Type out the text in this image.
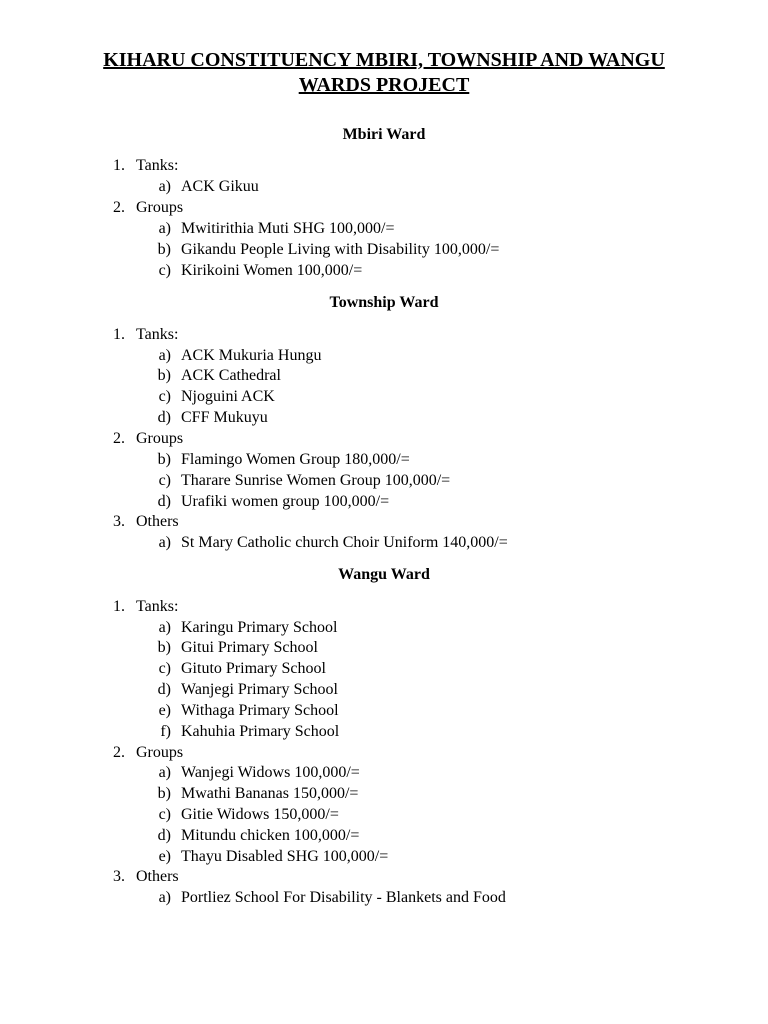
KIHARU CONSTITUENCY MBIRI, TOWNSHIP AND WANGU
WARDS PROJECT
Mbiri Ward
1. Tanks:
a) ACK Gikuu
2. Groups
a) Mwitirithia Muti SHG 100,000/=
b) Gikandu People Living with Disability 100,000/=
c) Kirikoini Women 100,000/=
Township Ward
1. Tanks:
a) ACK Mukuria Hungu
b) ACK Cathedral
c) Njoguini ACK
d) CFF Mukuyu
2. Groups
b) Flamingo Women Group 180,000/=
c) Tharare Sunrise Women Group 100,000/=
d) Urafiki women group 100,000/=
3. Others
a) St Mary Catholic church Choir Uniform 140,000/=
Wangu Ward
1. Tanks:
a) Karingu Primary School
b) Gitui Primary School
c) Gituto Primary School
d) Wanjegi Primary School
e) Withaga Primary School
f) Kahuhia Primary School
2. Groups
a) Wanjegi Widows 100,000/=
b) Mwathi Bananas 150,000/=
c) Gitie Widows 150,000/=
d) Mitundu chicken 100,000/=
e) Thayu Disabled SHG 100,000/=
3. Others
a) Portliez School For Disability - Blankets and Food
